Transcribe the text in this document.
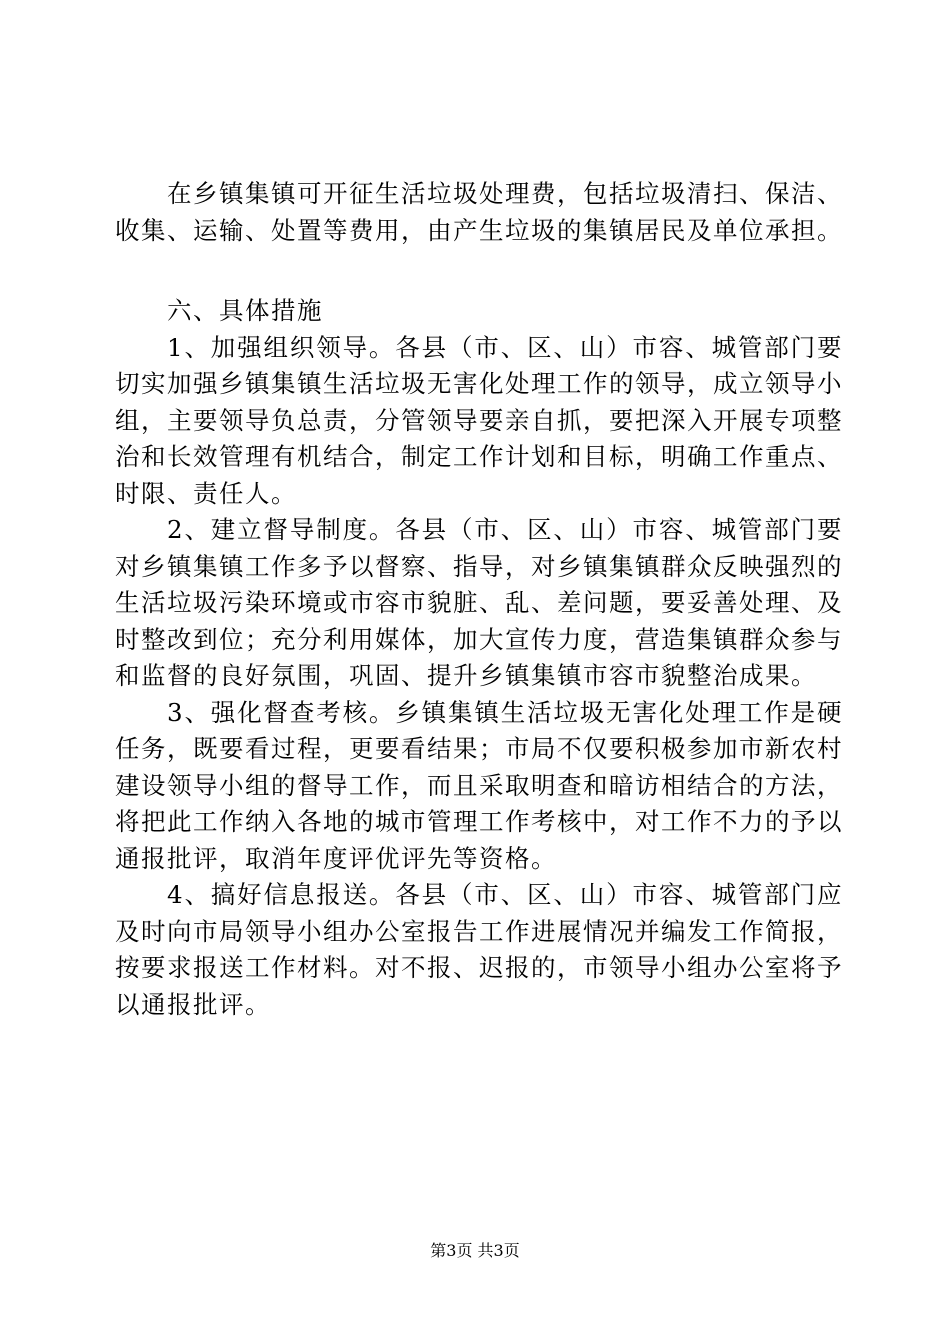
在乡镇集镇可开征生活垃圾处理费，包括垃圾清扫、保洁、收集、运输、处置等费用，由产生垃圾的集镇居民及单位承担。

六、具体措施

1、加强组织领导。各县（市、区、山）市容、城管部门要切实加强乡镇集镇生活垃圾无害化处理工作的领导，成立领导小组，主要领导负总责，分管领导要亲自抓，要把深入开展专项整治和长效管理有机结合，制定工作计划和目标，明确工作重点、时限、责任人。

2、建立督导制度。各县（市、区、山）市容、城管部门要对乡镇集镇工作多予以督察、指导，对乡镇集镇群众反映强烈的生活垃圾污染环境或市容市貌脏、乱、差问题，要妥善处理、及时整改到位；充分利用媒体，加大宣传力度，营造集镇群众参与和监督的良好氛围，巩固、提升乡镇集镇市容市貌整治成果。

3、强化督查考核。乡镇集镇生活垃圾无害化处理工作是硬任务，既要看过程，更要看结果；市局不仅要积极参加市新农村建设领导小组的督导工作，而且采取明查和暗访相结合的方法，将把此工作纳入各地的城市管理工作考核中，对工作不力的予以通报批评，取消年度评优评先等资格。

4、搞好信息报送。各县（市、区、山）市容、城管部门应及时向市局领导小组办公室报告工作进展情况并编发工作简报，按要求报送工作材料。对不报、迟报的，市领导小组办公室将予以通报批评。

第3页 共3页
